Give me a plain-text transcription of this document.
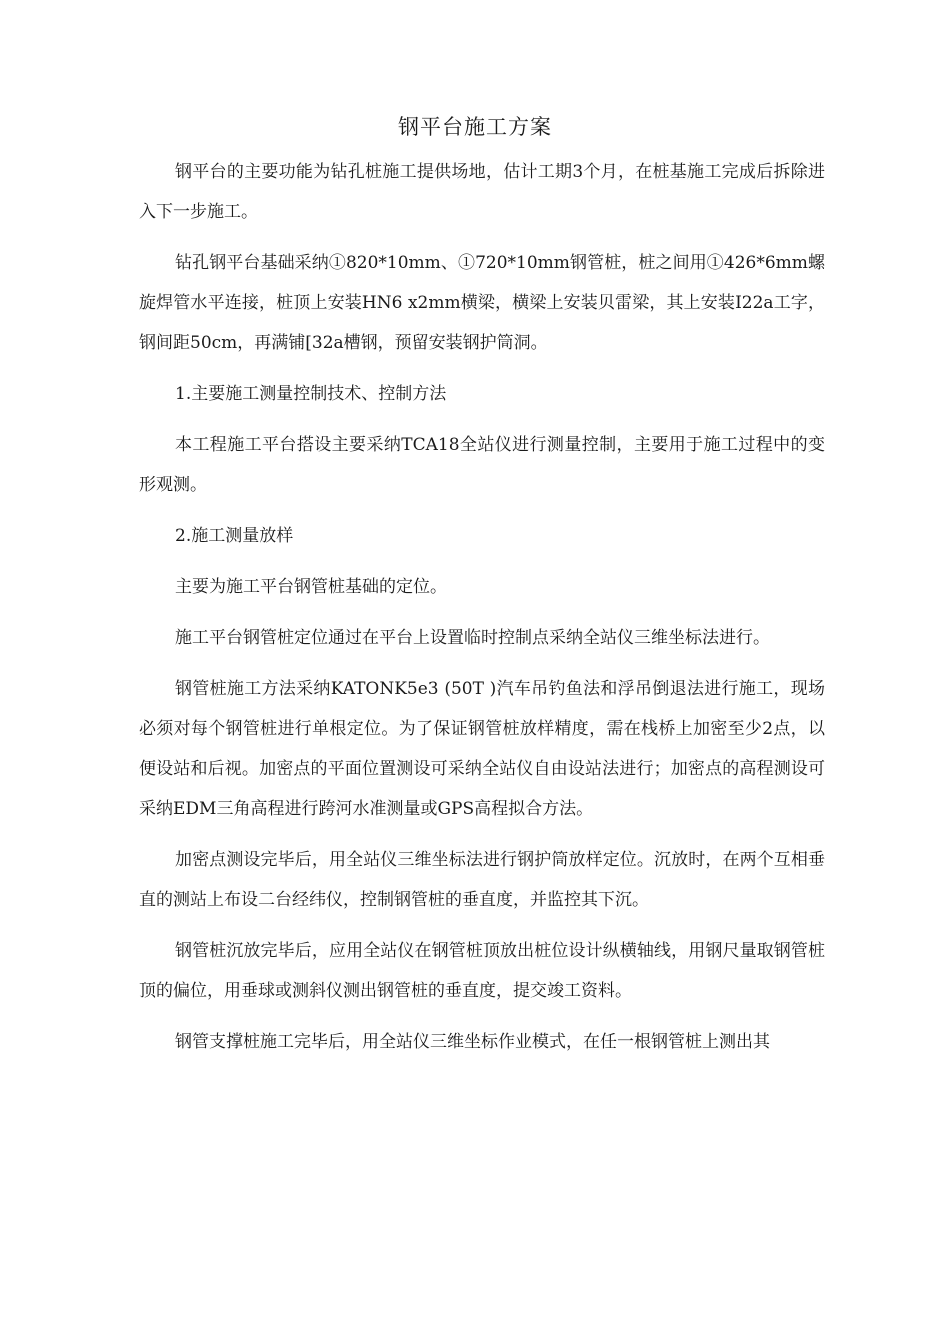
钢平台施工方案

钢平台的主要功能为钻孔桩施工提供场地，估计工期3个月，在桩基施工完成后拆除进入下一步施工。

钻孔钢平台基础采纳①820*10mm、①720*10mm钢管桩，桩之间用①426*6mm螺旋焊管水平连接，桩顶上安装HN6 x2mm横梁，横梁上安装贝雷梁，其上安装I22a工字，钢间距50cm，再满铺[32a槽钢，预留安装钢护筒洞。

1.主要施工测量控制技术、控制方法

本工程施工平台搭设主要采纳TCA18全站仪进行测量控制，主要用于施工过程中的变形观测。

2.施工测量放样

主要为施工平台钢管桩基础的定位。

施工平台钢管桩定位通过在平台上设置临时控制点采纳全站仪三维坐标法进行。

钢管桩施工方法采纳KATONK5e3 (50T )汽车吊钓鱼法和浮吊倒退法进行施工，现场必须对每个钢管桩进行单根定位。为了保证钢管桩放样精度，需在栈桥上加密至少2点，以便设站和后视。加密点的平面位置测设可采纳全站仪自由设站法进行；加密点的高程测设可采纳EDM三角高程进行跨河水准测量或GPS高程拟合方法。

加密点测设完毕后，用全站仪三维坐标法进行钢护筒放样定位。沉放时，在两个互相垂直的测站上布设二台经纬仪，控制钢管桩的垂直度，并监控其下沉。

钢管桩沉放完毕后，应用全站仪在钢管桩顶放出桩位设计纵横轴线，用钢尺量取钢管桩顶的偏位，用垂球或测斜仪测出钢管桩的垂直度，提交竣工资料。

钢管支撑桩施工完毕后，用全站仪三维坐标作业模式，在任一根钢管桩上测出其
